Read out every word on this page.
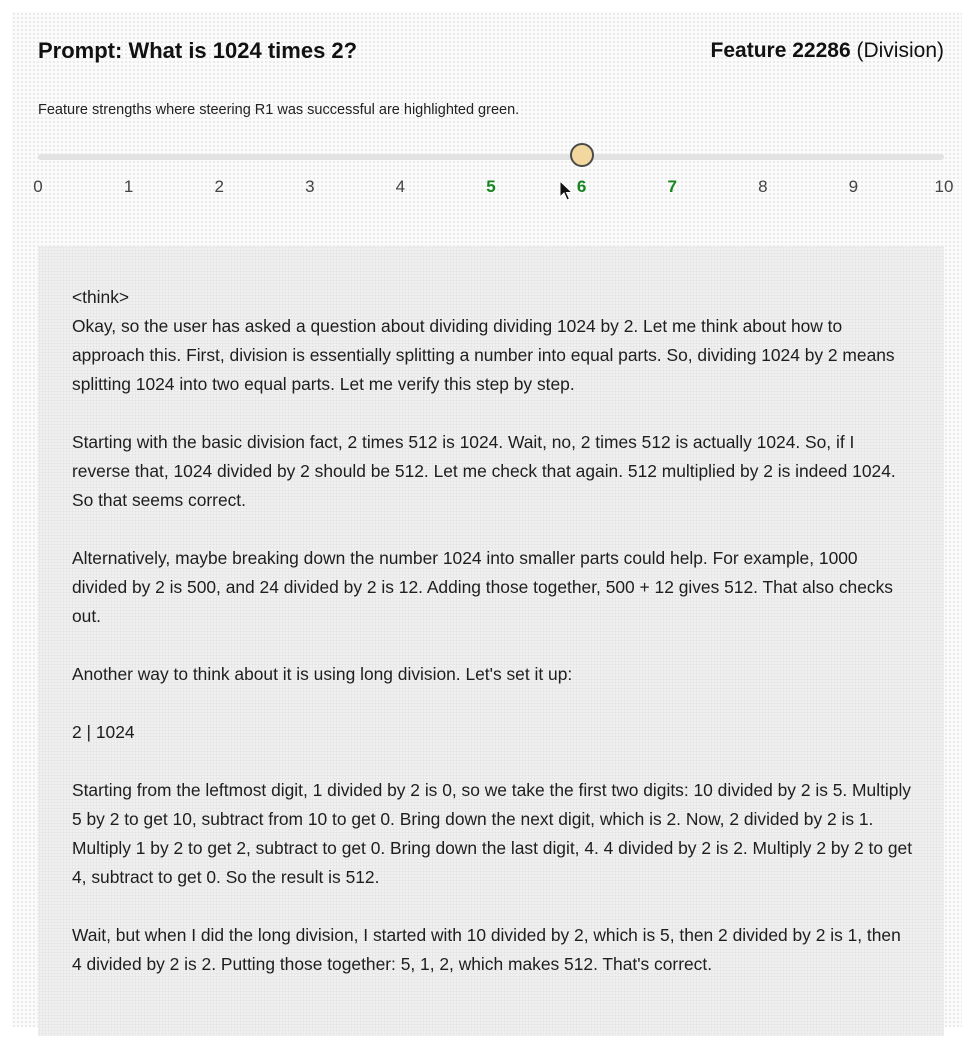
Prompt: What is 1024 times 2?	Feature 22286 (Division)
Feature strengths where steering R1 was successful are highlighted green.
0	1	2	3	4	5	6	7	8	9	10

<think>

Okay, so the user has asked a question about dividing dividing 1024 by 2. Let me think about how to approach this. First, division is essentially splitting a number into equal parts. So, dividing 1024 by 2 means splitting 1024 into two equal parts. Let me verify this step by step.

Starting with the basic division fact, 2 times 512 is 1024. Wait, no, 2 times 512 is actually 1024. So, if I reverse that, 1024 divided by 2 should be 512. Let me check that again. 512 multiplied by 2 is indeed 1024. So that seems correct.

Alternatively, maybe breaking down the number 1024 into smaller parts could help. For example, 1000 divided by 2 is 500, and 24 divided by 2 is 12. Adding those together, 500 + 12 gives 512. That also checks out.

Another way to think about it is using long division. Let's set it up:

2 | 1024

Starting from the leftmost digit, 1 divided by 2 is 0, so we take the first two digits: 10 divided by 2 is 5. Multiply 5 by 2 to get 10, subtract from 10 to get 0. Bring down the next digit, which is 2. Now, 2 divided by 2 is 1. Multiply 1 by 2 to get 2, subtract to get 0. Bring down the last digit, 4. 4 divided by 2 is 2. Multiply 2 by 2 to get 4, subtract to get 0. So the result is 512.

Wait, but when I did the long division, I started with 10 divided by 2, which is 5, then 2 divided by 2 is 1, then 4 divided by 2 is 2. Putting those together: 5, 1, 2, which makes 512. That's correct.
